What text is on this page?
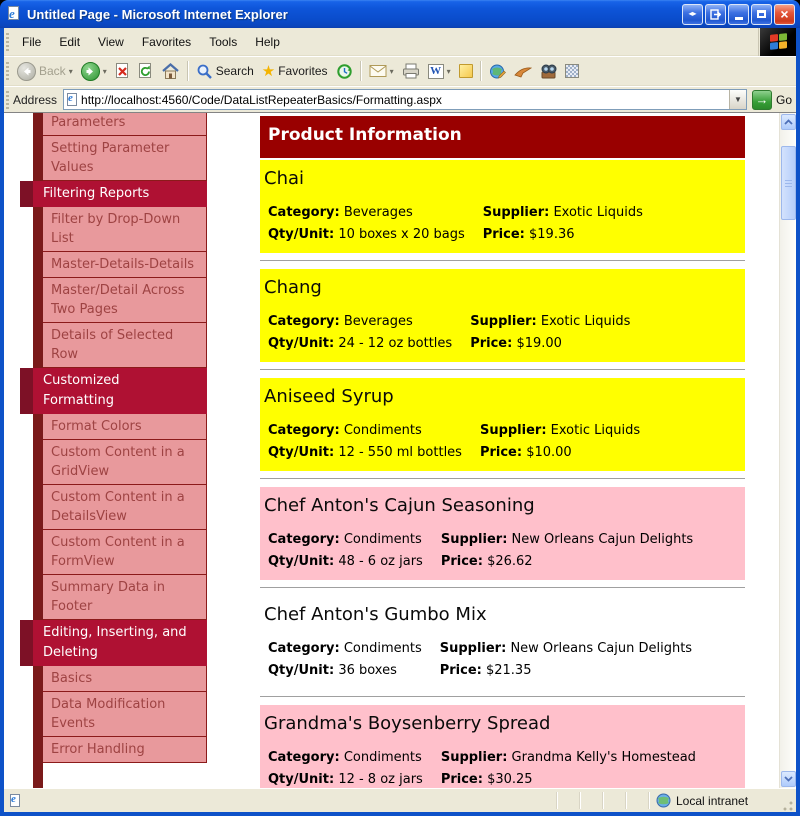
e Untitled Page - Microsoft Internet Explorer	◂▸	×
File	Edit	View	Favorites	Tools	Help
Back ▾	▾	Search ★ Favorites	▾	W ▾
Address e
http://localhost:4560/Code/DataListRepeaterBasics/Formatting.aspx	▼	→ Go
Parameters
Setting Parameter Values
Filtering Reports
Filter by Drop-Down List
Master-Details-Details
Master/Detail Across Two Pages
Details of Selected Row
Customized Formatting
Format Colors
Custom Content in a GridView
Custom Content in a DetailsView
Custom Content in a FormView
Summary Data in Footer
Editing, Inserting, and Deleting
Basics
Data Modification Events
Error Handling
Product Information
Chai
Category: Beverages	Supplier: Exotic Liquids
Qty/Unit: 10 boxes x 20 bags	Price: $19.36
Chang
Category: Beverages	Supplier: Exotic Liquids
Qty/Unit: 24 - 12 oz bottles	Price: $19.00
Aniseed Syrup
Category: Condiments	Supplier: Exotic Liquids
Qty/Unit: 12 - 550 ml bottles	Price: $10.00
Chef Anton's Cajun Seasoning
Category: Condiments	Supplier: New Orleans Cajun Delights
Qty/Unit: 48 - 6 oz jars	Price: $26.62
Chef Anton's Gumbo Mix
Category: Condiments	Supplier: New Orleans Cajun Delights
Qty/Unit: 36 boxes	Price: $21.35
Grandma's Boysenberry Spread
Category: Condiments	Supplier: Grandma Kelly's Homestead
Qty/Unit: 12 - 8 oz jars	Price: $30.25
e	Local intranet
